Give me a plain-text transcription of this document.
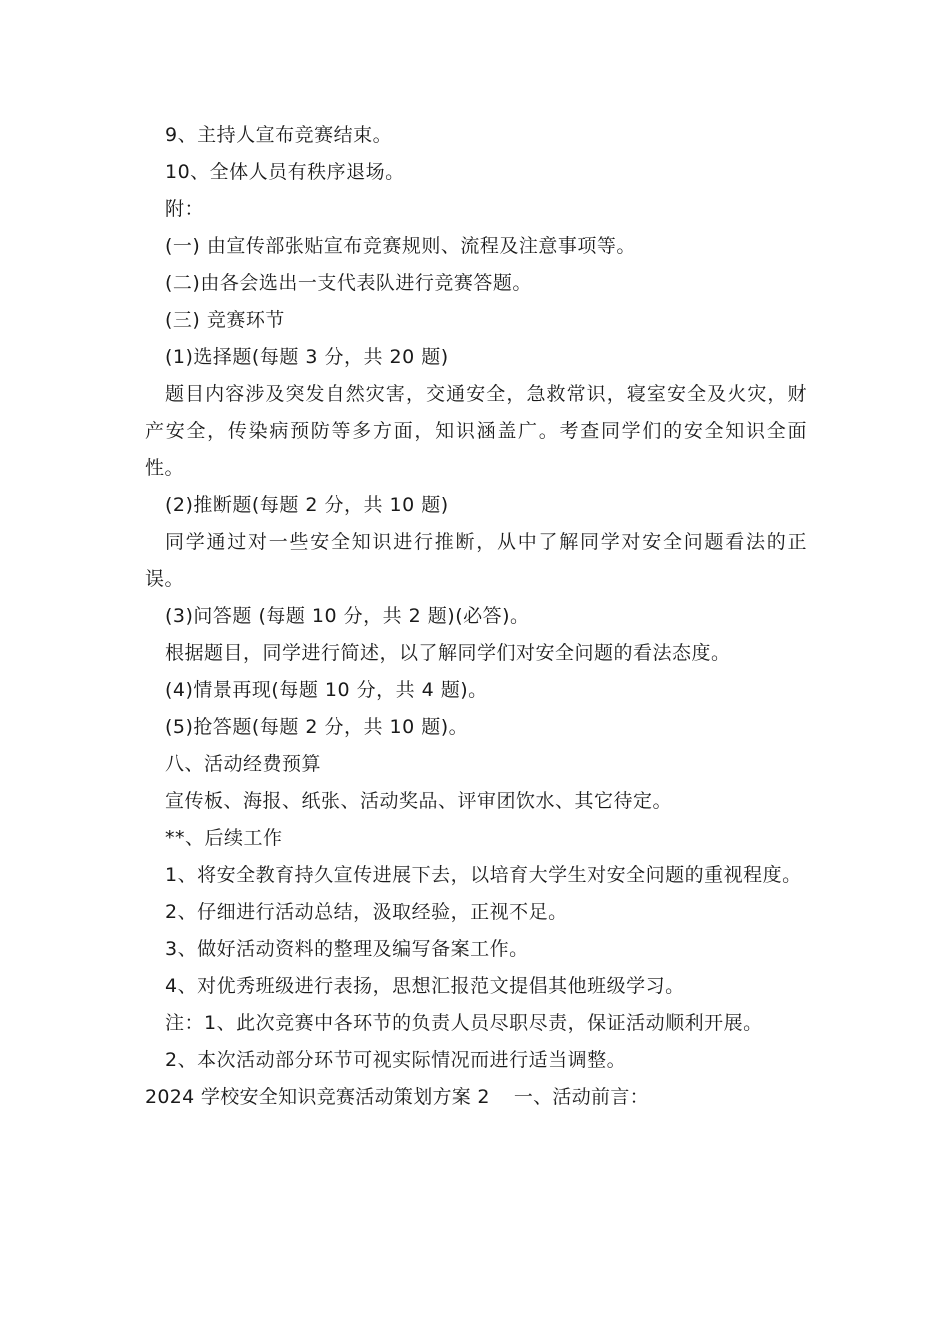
9、主持人宣布竞赛结束。

10、全体人员有秩序退场。

附：

(一) 由宣传部张贴宣布竞赛规则、流程及注意事项等。

(二)由各会选出一支代表队进行竞赛答题。

(三) 竞赛环节

(1)选择题(每题 3 分，共 20 题)

题目内容涉及突发自然灾害，交通安全，急救常识，寝室安全及火灾，财产安全，传染病预防等多方面，知识涵盖广。考查同学们的安全知识全面性。

(2)推断题(每题 2 分，共 10 题)

同学通过对一些安全知识进行推断，从中了解同学对安全问题看法的正误。

(3)问答题 (每题 10 分，共 2 题)(必答)。

根据题目，同学进行简述，以了解同学们对安全问题的看法态度。

(4)情景再现(每题 10 分，共 4 题)。

(5)抢答题(每题 2 分，共 10 题)。

八、活动经费预算

宣传板、海报、纸张、活动奖品、评审团饮水、其它待定。

**、后续工作

1、将安全教育持久宣传进展下去，以培育大学生对安全问题的重视程度。

2、仔细进行活动总结，汲取经验，正视不足。

3、做好活动资料的整理及编写备案工作。

4、对优秀班级进行表扬，思想汇报范文提倡其他班级学习。

注：1、此次竞赛中各环节的负责人员尽职尽责，保证活动顺利开展。

2、本次活动部分环节可视实际情况而进行适当调整。

2024 学校安全知识竞赛活动策划方案 2 一、活动前言：
